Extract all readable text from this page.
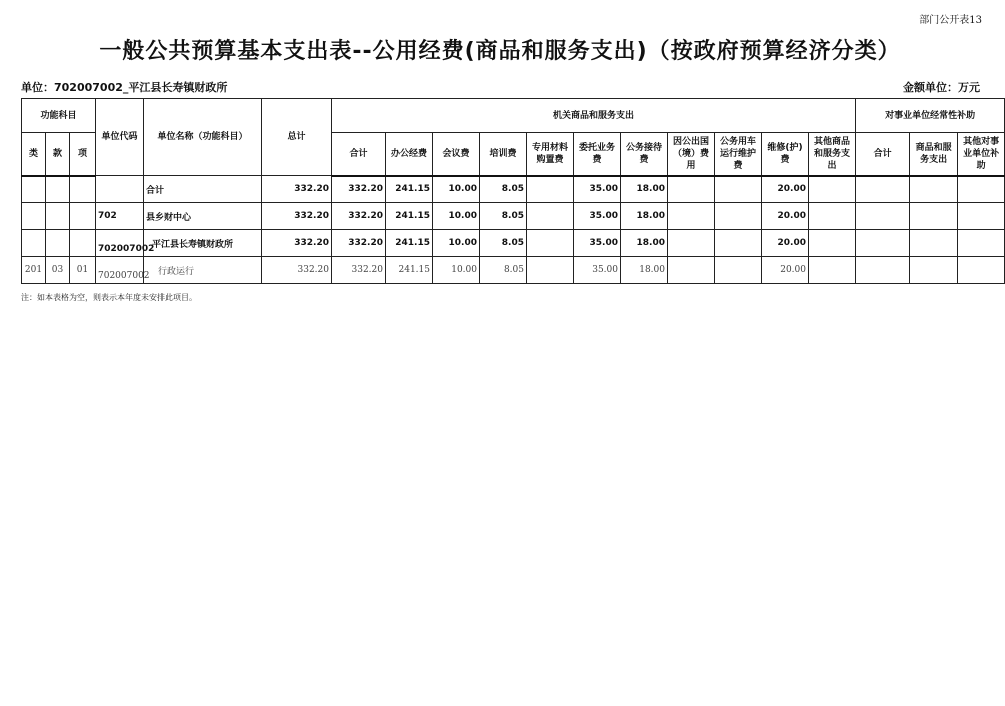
部门公开表13
一般公共预算基本支出表--公用经费(商品和服务支出)（按政府预算经济分类）
单位：702007002_平江县长寿镇财政所	金额单位：万元
功能科目			单位代码	单位名称（功能科目）	总计	机关商品和服务支出											对事业单位经常性补助		
类	款	项				合计	办公经费	会议费	培训费	专用材料购置费	委托业务费	公务接待费	因公出国（境）费用	公务用车运行维护费	维修(护)费	其他商品和服务支出	合计	商品和服务支出	其他对事业单位补助
				合计	332.20	332.20	241.15	10.00	8.05		35.00	18.00			20.00				
			702	县乡财中心	332.20	332.20	241.15	10.00	8.05		35.00	18.00			20.00				
			702007002	平江县长寿镇财政所	332.20	332.20	241.15	10.00	8.05		35.00	18.00			20.00				
201	03	01	702007002	行政运行	332.20	332.20	241.15	10.00	8.05		35.00	18.00			20.00				
注：如本表格为空，则表示本年度未安排此项目。
